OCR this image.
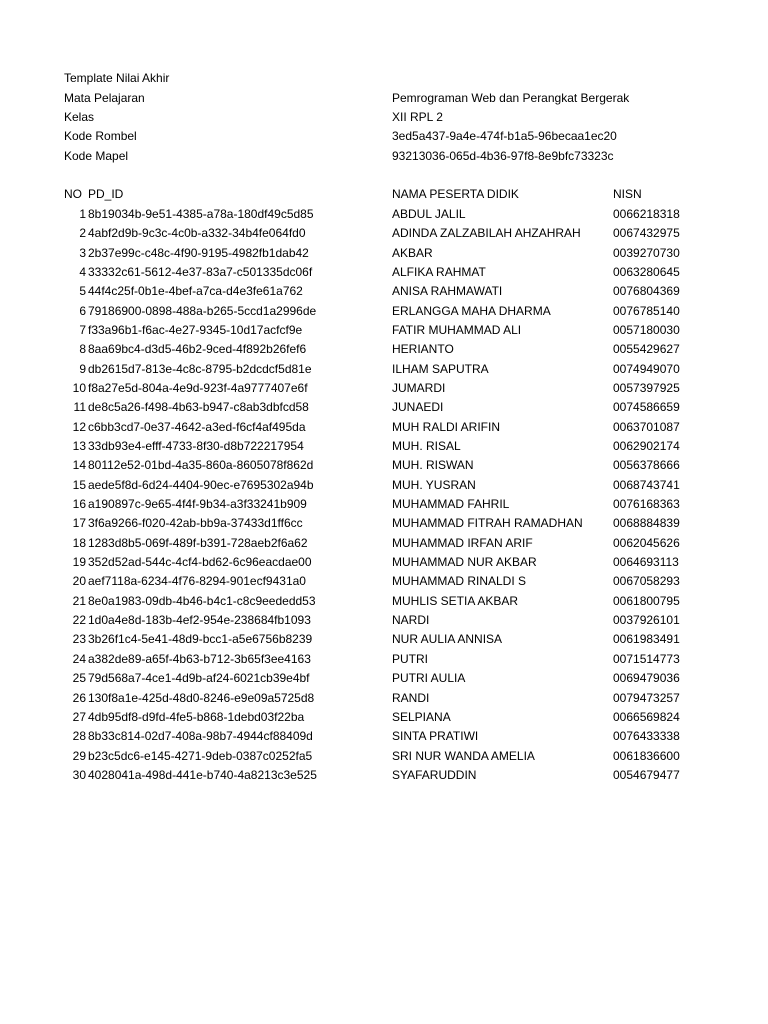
Template Nilai Akhir
Mata Pelajaran	Pemrograman Web dan Perangkat Bergerak
Kelas	XII RPL 2
Kode Rombel	3ed5a437-9a4e-474f-b1a5-96becaa1ec20
Kode Mapel	93213036-065d-4b36-97f8-8e9bfc73323c
NO PD_ID	NAMA PESERTA DIDIK	NISN
1 8b19034b-9e51-4385-a78a-180df49c5d85	ABDUL JALIL	0066218318
2 4abf2d9b-9c3c-4c0b-a332-34b4fe064fd0	ADINDA ZALZABILAH AHZAHRAH	0067432975
3 2b37e99c-c48c-4f90-9195-4982fb1dab42	AKBAR	0039270730
4 33332c61-5612-4e37-83a7-c501335dc06f	ALFIKA RAHMAT	0063280645
5 44f4c25f-0b1e-4bef-a7ca-d4e3fe61a762	ANISA RAHMAWATI	0076804369
6 79186900-0898-488a-b265-5ccd1a2996de	ERLANGGA MAHA DHARMA	0076785140
7 f33a96b1-f6ac-4e27-9345-10d17acfcf9e	FATIR MUHAMMAD ALI	0057180030
8 8aa69bc4-d3d5-46b2-9ced-4f892b26fef6	HERIANTO	0055429627
9 db2615d7-813e-4c8c-8795-b2dcdcf5d81e	ILHAM SAPUTRA	0074949070
10 f8a27e5d-804a-4e9d-923f-4a9777407e6f	JUMARDI	0057397925
11 de8c5a26-f498-4b63-b947-c8ab3dbfcd58	JUNAEDI	0074586659
12 c6bb3cd7-0e37-4642-a3ed-f6cf4af495da	MUH RALDI ARIFIN	0063701087
13 33db93e4-efff-4733-8f30-d8b722217954	MUH. RISAL	0062902174
14 80112e52-01bd-4a35-860a-8605078f862d	MUH. RISWAN	0056378666
15 aede5f8d-6d24-4404-90ec-e7695302a94b	MUH. YUSRAN	0068743741
16 a190897c-9e65-4f4f-9b34-a3f33241b909	MUHAMMAD FAHRIL	0076168363
17 3f6a9266-f020-42ab-bb9a-37433d1ff6cc	MUHAMMAD FITRAH RAMADHAN	0068884839
18 1283d8b5-069f-489f-b391-728aeb2f6a62	MUHAMMAD IRFAN ARIF	0062045626
19 352d52ad-544c-4cf4-bd62-6c96eacdae00	MUHAMMAD NUR AKBAR	0064693113
20 aef7118a-6234-4f76-8294-901ecf9431a0	MUHAMMAD RINALDI S	0067058293
21 8e0a1983-09db-4b46-b4c1-c8c9eededd53	MUHLIS SETIA AKBAR	0061800795
22 1d0a4e8d-183b-4ef2-954e-238684fb1093	NARDI	0037926101
23 3b26f1c4-5e41-48d9-bcc1-a5e6756b8239	NUR AULIA ANNISA	0061983491
24 a382de89-a65f-4b63-b712-3b65f3ee4163	PUTRI	0071514773
25 79d568a7-4ce1-4d9b-af24-6021cb39e4bf	PUTRI AULIA	0069479036
26 130f8a1e-425d-48d0-8246-e9e09a5725d8	RANDI	0079473257
27 4db95df8-d9fd-4fe5-b868-1debd03f22ba	SELPIANA	0066569824
28 8b33c814-02d7-408a-98b7-4944cf88409d	SINTA PRATIWI	0076433338
29 b23c5dc6-e145-4271-9deb-0387c0252fa5	SRI NUR WANDA AMELIA	0061836600
30 4028041a-498d-441e-b740-4a8213c3e525	SYAFARUDDIN	0054679477
